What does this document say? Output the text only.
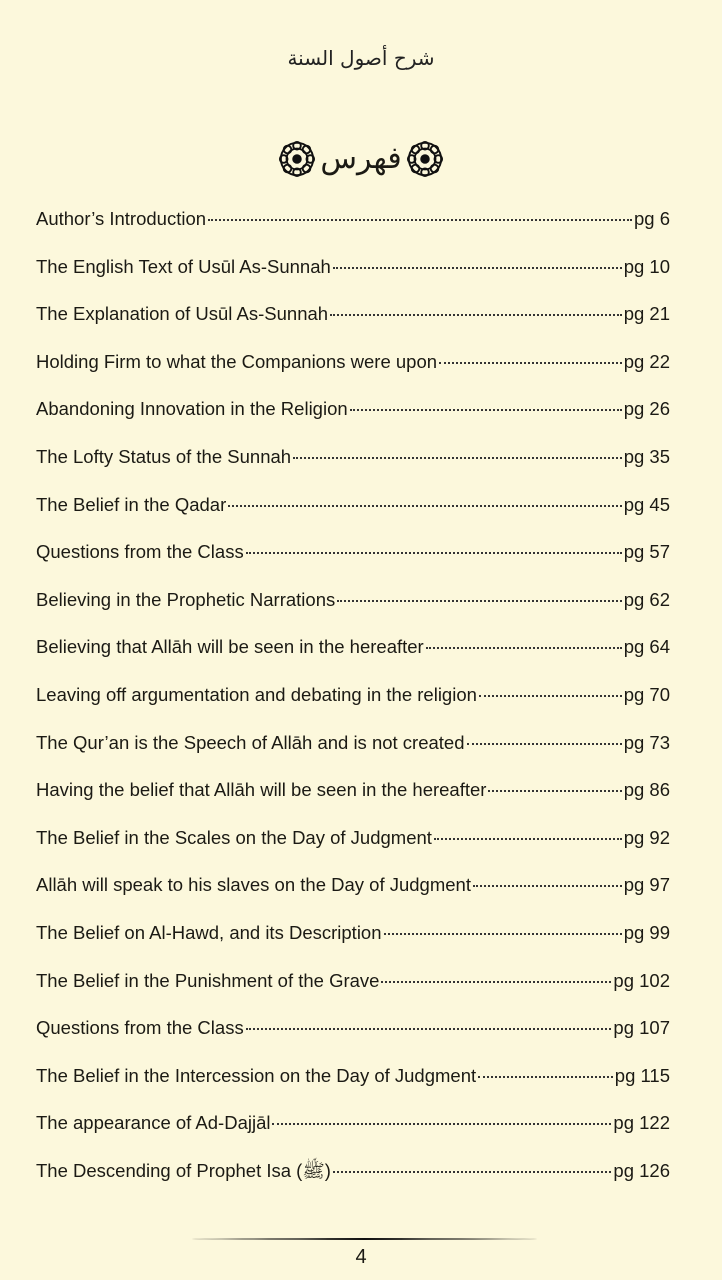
شرح أصول السنة
فهرس
Author’s Introduction	pg 6
The English Text of Usūl As-Sunnah	pg 10
The Explanation of Usūl As-Sunnah	pg 21
Holding Firm to what the Companions were upon	pg 22
Abandoning Innovation in the Religion	pg 26
The Lofty Status of the Sunnah	pg 35
The Belief in the Qadar	pg 45
Questions from the Class	pg 57
Believing in the Prophetic Narrations	pg 62
Believing that Allāh will be seen in the hereafter	pg 64
Leaving off argumentation and debating in the religion	pg 70
The Qur’an is the Speech of Allāh and is not created	pg 73
Having the belief that Allāh will be seen in the hereafter	pg 86
The Belief in the Scales on the Day of Judgment	pg 92
Allāh will speak to his slaves on the Day of Judgment	pg 97
The Belief on Al-Hawd, and its Description	pg 99
The Belief in the Punishment of the Grave	pg 102
Questions from the Class	pg 107
The Belief in the Intercession on the Day of Judgment	pg 115
The appearance of Ad-Dajjāl	pg 122
The Descending of Prophet Isa (ﷺ)	pg 126
4
